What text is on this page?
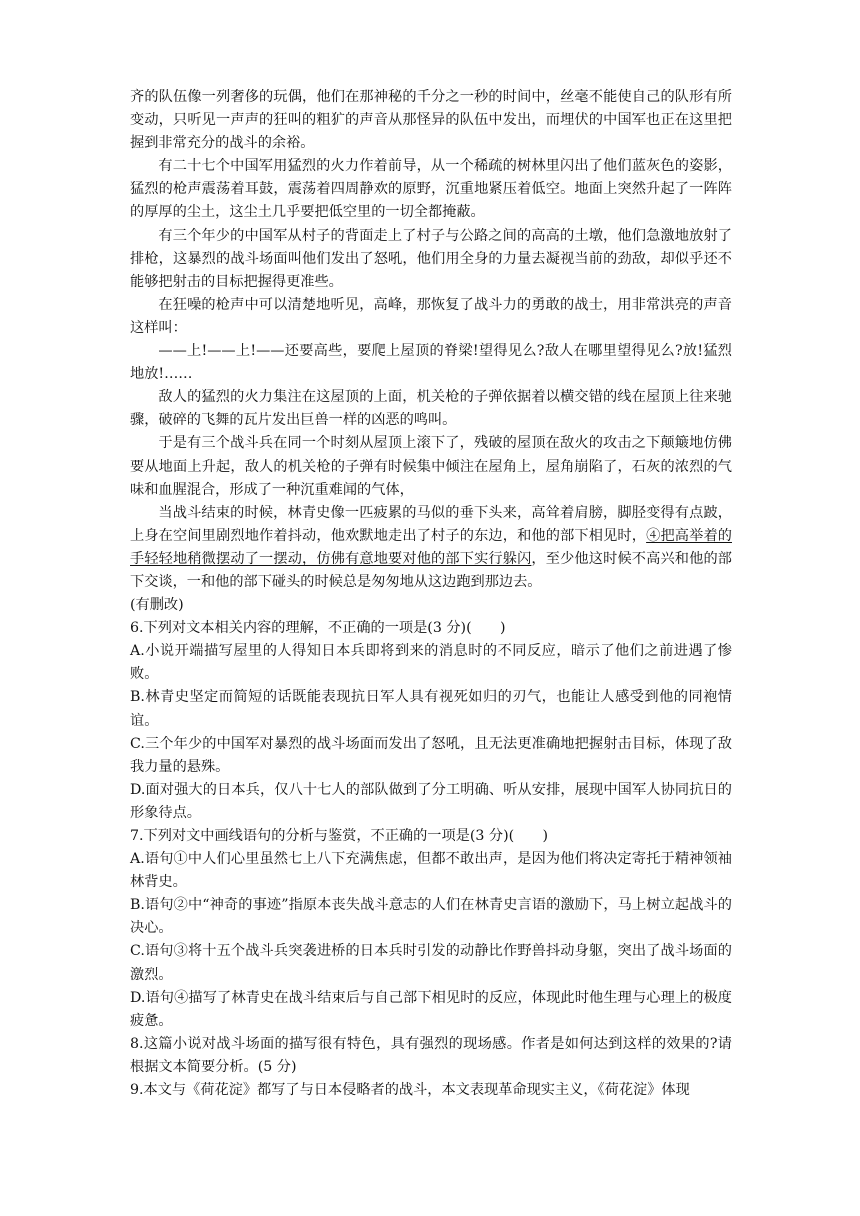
齐的队伍像一列奢侈的玩偶，他们在那神秘的千分之一秒的时间中，丝毫不能使自己的队形有所变动，只听见一声声的狂叫的粗犷的声音从那怪异的队伍中发出，而埋伏的中国军也正在这里把握到非常充分的战斗的余裕。

有二十七个中国军用猛烈的火力作着前导，从一个稀疏的树林里闪出了他们蓝灰色的姿影，猛烈的枪声震荡着耳鼓，震荡着四周静欢的原野，沉重地紧压着低空。地面上突然升起了一阵阵的厚厚的尘土，这尘土几乎要把低空里的一切全都掩蔽。

有三个年少的中国军从村子的背面走上了村子与公路之间的高高的土墩，他们急激地放射了排枪，这暴烈的战斗场面叫他们发出了怒吼，他们用全身的力量去凝视当前的劲敌，却似乎还不能够把射击的目标把握得更准些。

在狂噪的枪声中可以清楚地听见，高峰，那恢复了战斗力的勇敢的战士，用非常洪亮的声音这样叫：

——上!——上!——还要高些，要爬上屋顶的脊梁!望得见么?敌人在哪里望得见么?放!猛烈地放!……

敌人的猛烈的火力集注在这屋顶的上面，机关枪的子弹依据着以横交错的线在屋顶上往来驰骤，破碎的飞舞的瓦片发出巨兽一样的凶恶的鸣叫。

于是有三个战斗兵在同一个时刻从屋顶上滚下了，残破的屋顶在敌火的攻击之下颠簸地仿佛要从地面上升起，敌人的机关枪的子弹有时候集中倾注在屋角上，屋角崩陷了，石灰的浓烈的气味和血腥混合，形成了一种沉重难闻的气体，

当战斗结束的时候，林青史像一匹疲累的马似的垂下头来，高耸着肩膀，脚胫变得有点跛，上身在空间里剧烈地作着抖动，他欢默地走出了村子的东边，和他的部下相见时，④把高举着的手轻轻地稍微摆动了一摆动，仿佛有意地要对他的部下实行躲闪，至少他这时候不高兴和他的部下交谈，一和他的部下碰头的时候总是匆匆地从这边跑到那边去。

(有删改)

6.下列对文本相关内容的理解，不正确的一项是(3 分)(　　)

A.小说开端描写屋里的人得知日本兵即将到来的消息时的不同反应，暗示了他们之前进遇了惨败。

B.林青史坚定而简短的话既能表现抗日军人具有视死如归的刃气，也能让人感受到他的同袍情谊。

C.三个年少的中国军对暴烈的战斗场面而发出了怒吼，且无法更准确地把握射击目标，体现了敌我力量的悬殊。

D.面对强大的日本兵，仅八十七人的部队做到了分工明确、听从安排，展现中国军人协同抗日的形象待点。

7.下列对文中画线语句的分析与鉴赏，不正确的一项是(3 分)(　　)

A.语句①中人们心里虽然七上八下充满焦虑，但都不敢出声，是因为他们将决定寄托于精神领袖林背史。

B.语句②中“神奇的事迹”指原本丧失战斗意志的人们在林青史言语的激励下，马上树立起战斗的决心。

C.语句③将十五个战斗兵突袭进桥的日本兵时引发的动静比作野兽抖动身躯，突出了战斗场面的激烈。

D.语句④描写了林青史在战斗结束后与自己部下相见时的反应，体现此时他生理与心理上的极度疲惫。

8.这篇小说对战斗场面的描写很有特色，具有强烈的现场感。作者是如何达到这样的效果的?请根据文本简要分析。(5 分)

9.本文与《荷花淀》都写了与日本侵略者的战斗，本文表现革命现实主义，《荷花淀》体现
